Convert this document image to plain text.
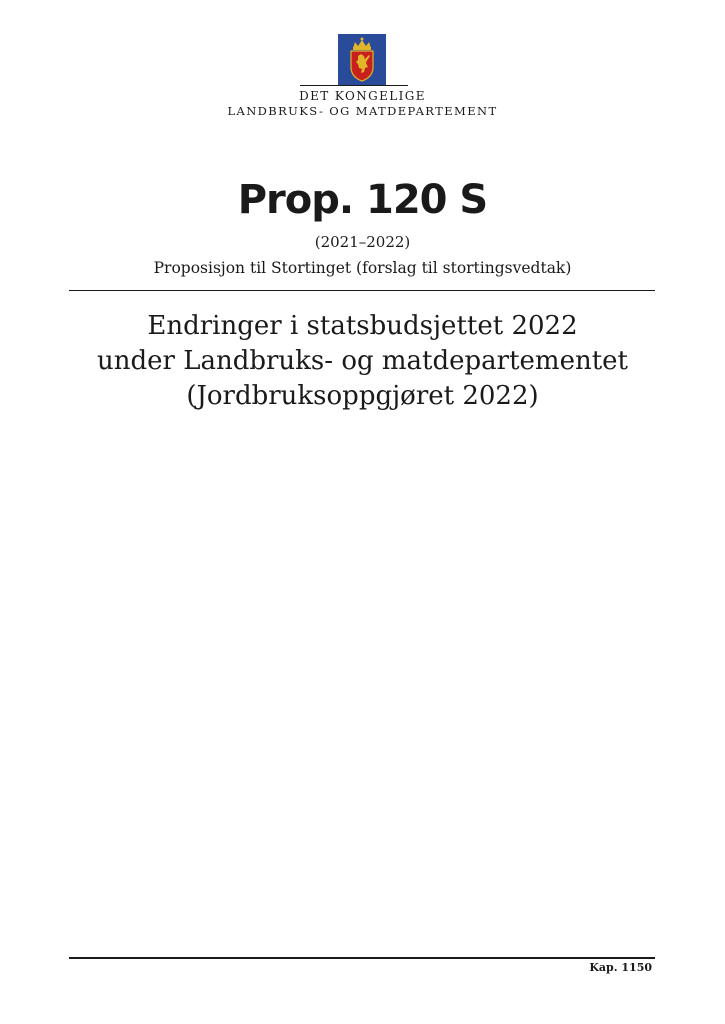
DET KONGELIGE
LANDBRUKS- OG MATDEPARTEMENT
Prop. 120 S
(2021–2022)
Proposisjon til Stortinget (forslag til stortingsvedtak)
Endringer i statsbudsjettet 2022
under Landbruks- og matdepartementet
(Jordbruksoppgjøret 2022)
Kap. 1150
